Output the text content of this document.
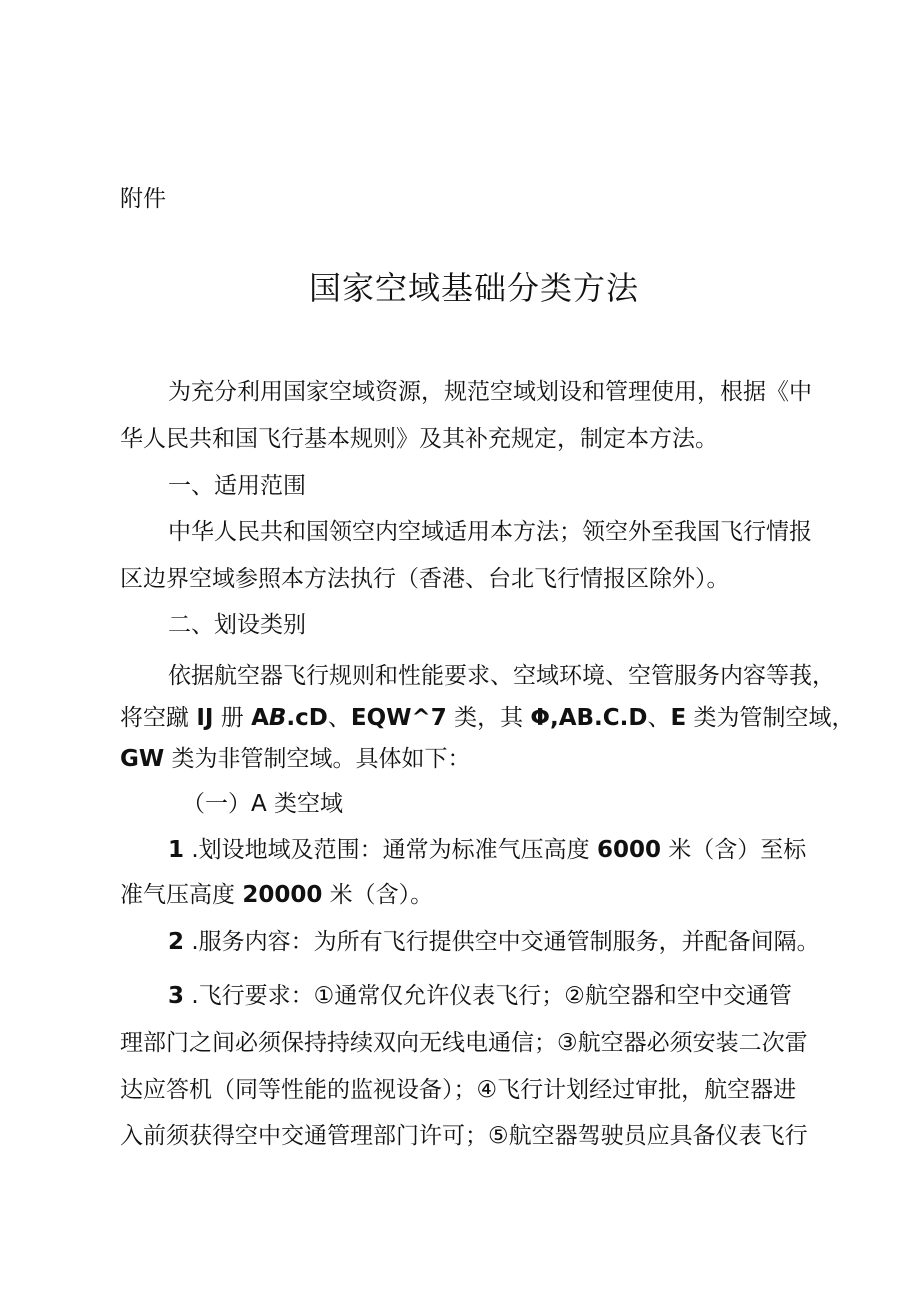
附件
国家空域基础分类方法
为充分利用国家空域资源，规范空域划设和管理使用，根据《中
华人民共和国飞行基本规则》及其补充规定，制定本方法。
一、适用范围
中华人民共和国领空内空域适用本方法；领空外至我国飞行情报
区边界空域参照本方法执行（香港、台北飞行情报区除外）。
二、划设类别
依据航空器飞行规则和性能要求、空域环境、空管服务内容等莪，
将空蹴 IJ 册 AB.cD、EQW^7 类，其 Φ,AB.C.D、E 类为管制空域，
GW 类为非管制空域。具体如下：
（一）A 类空域
1 .划设地域及范围：通常为标准气压高度 6000 米（含）至标
准气压高度 20000 米（含）。
2 .服务内容：为所有飞行提供空中交通管制服务，并配备间隔。
3 .飞行要求：①通常仅允许仪表飞行；②航空器和空中交通管
理部门之间必须保持持续双向无线电通信；③航空器必须安装二次雷
达应答机（同等性能的监视设备）；④飞行计划经过审批，航空器进
入前须获得空中交通管理部门许可；⑤航空器驾驶员应具备仪表飞行
